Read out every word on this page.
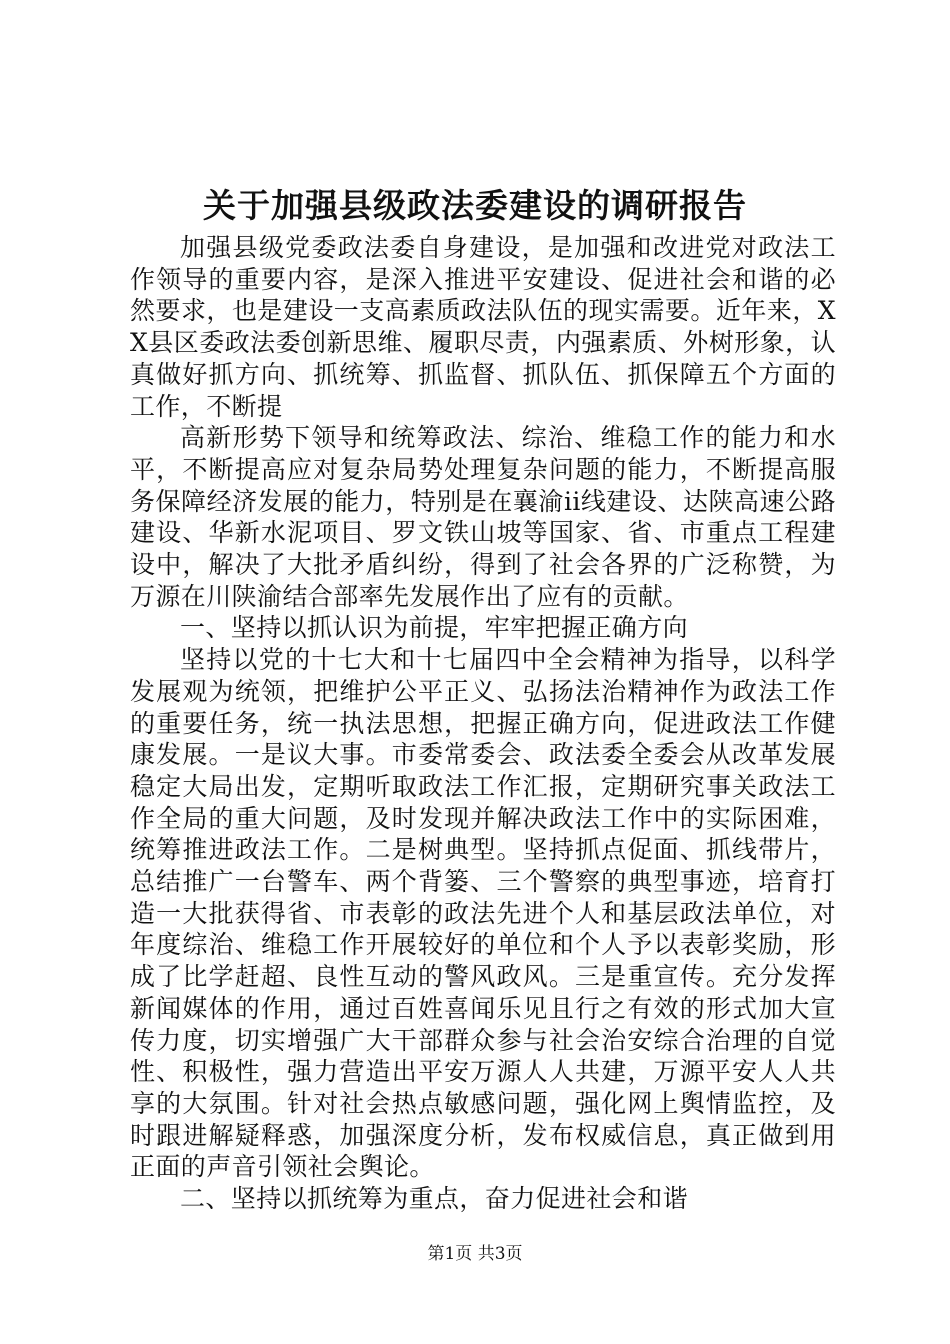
关于加强县级政法委建设的调研报告

加强县级党委政法委自身建设，是加强和改进党对政法工作领导的重要内容，是深入推进平安建设、促进社会和谐的必然要求，也是建设一支高素质政法队伍的现实需要。近年来，XX县区委政法委创新思维、履职尽责，内强素质、外树形象，认真做好抓方向、抓统筹、抓监督、抓队伍、抓保障五个方面的工作，不断提

高新形势下领导和统筹政法、综治、维稳工作的能力和水平，不断提高应对复杂局势处理复杂问题的能力，不断提高服务保障经济发展的能力，特别是在襄渝ii线建设、达陕高速公路建设、华新水泥项目、罗文铁山坡等国家、省、市重点工程建设中，解决了大批矛盾纠纷，得到了社会各界的广泛称赞，为万源在川陕渝结合部率先发展作出了应有的贡献。

一、坚持以抓认识为前提，牢牢把握正确方向

坚持以党的十七大和十七届四中全会精神为指导，以科学发展观为统领，把维护公平正义、弘扬法治精神作为政法工作的重要任务，统一执法思想，把握正确方向，促进政法工作健康发展。一是议大事。市委常委会、政法委全委会从改革发展稳定大局出发，定期听取政法工作汇报，定期研究事关政法工作全局的重大问题，及时发现并解决政法工作中的实际困难，统筹推进政法工作。二是树典型。坚持抓点促面、抓线带片，总结推广一台警车、两个背篓、三个警察的典型事迹，培育打造一大批获得省、市表彰的政法先进个人和基层政法单位，对年度综治、维稳工作开展较好的单位和个人予以表彰奖励，形成了比学赶超、良性互动的警风政风。三是重宣传。充分发挥新闻媒体的作用，通过百姓喜闻乐见且行之有效的形式加大宣传力度，切实增强广大干部群众参与社会治安综合治理的自觉性、积极性，强力营造出平安万源人人共建，万源平安人人共享的大氛围。针对社会热点敏感问题，强化网上舆情监控，及时跟进解疑释惑，加强深度分析，发布权威信息，真正做到用正面的声音引领社会舆论。

二、坚持以抓统筹为重点，奋力促进社会和谐

第1页 共3页
